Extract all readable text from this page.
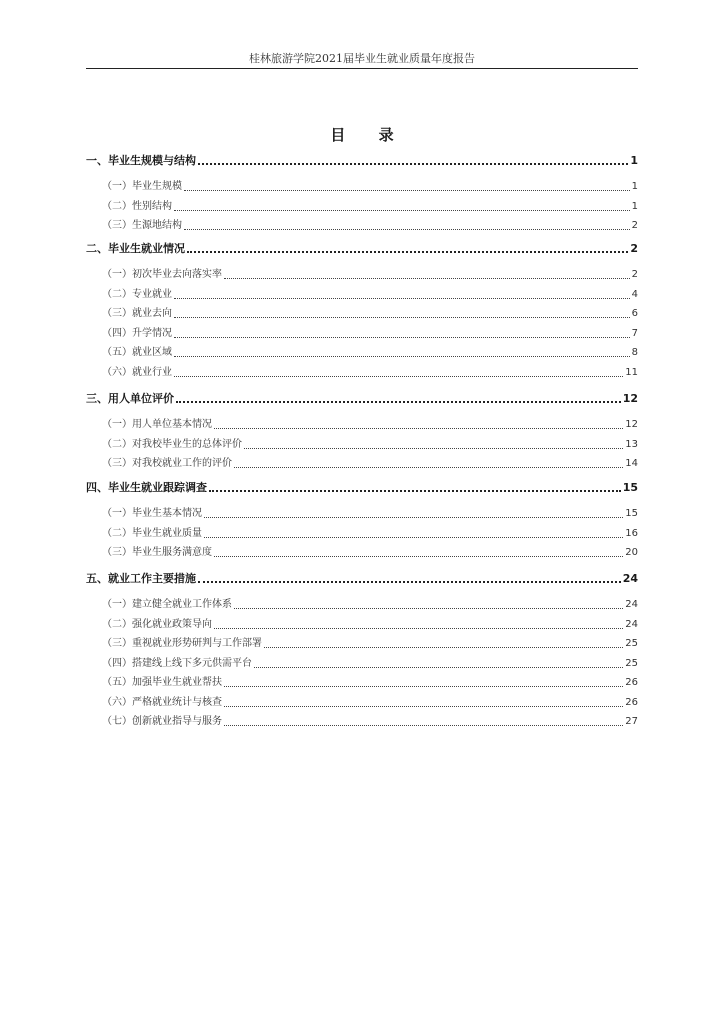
桂林旅游学院2021届毕业生就业质量年度报告
目 录
一、毕业生规模与结构	1
（一）毕业生规模	1
（二）性别结构	1
（三）生源地结构	2
二、毕业生就业情况	2
（一）初次毕业去向落实率	2
（二）专业就业	4
（三）就业去向	6
（四）升学情况	7
（五）就业区域	8
（六）就业行业	11
三、用人单位评价	12
（一）用人单位基本情况	12
（二）对我校毕业生的总体评价	13
（三）对我校就业工作的评价	14
四、毕业生就业跟踪调查	15
（一）毕业生基本情况	15
（二）毕业生就业质量	16
（三）毕业生服务满意度	20
五、就业工作主要措施	24
（一）建立健全就业工作体系	24
（二）强化就业政策导向	24
（三）重视就业形势研判与工作部署	25
（四）搭建线上线下多元供需平台	25
（五）加强毕业生就业帮扶	26
（六）严格就业统计与核查	26
（七）创新就业指导与服务	27
